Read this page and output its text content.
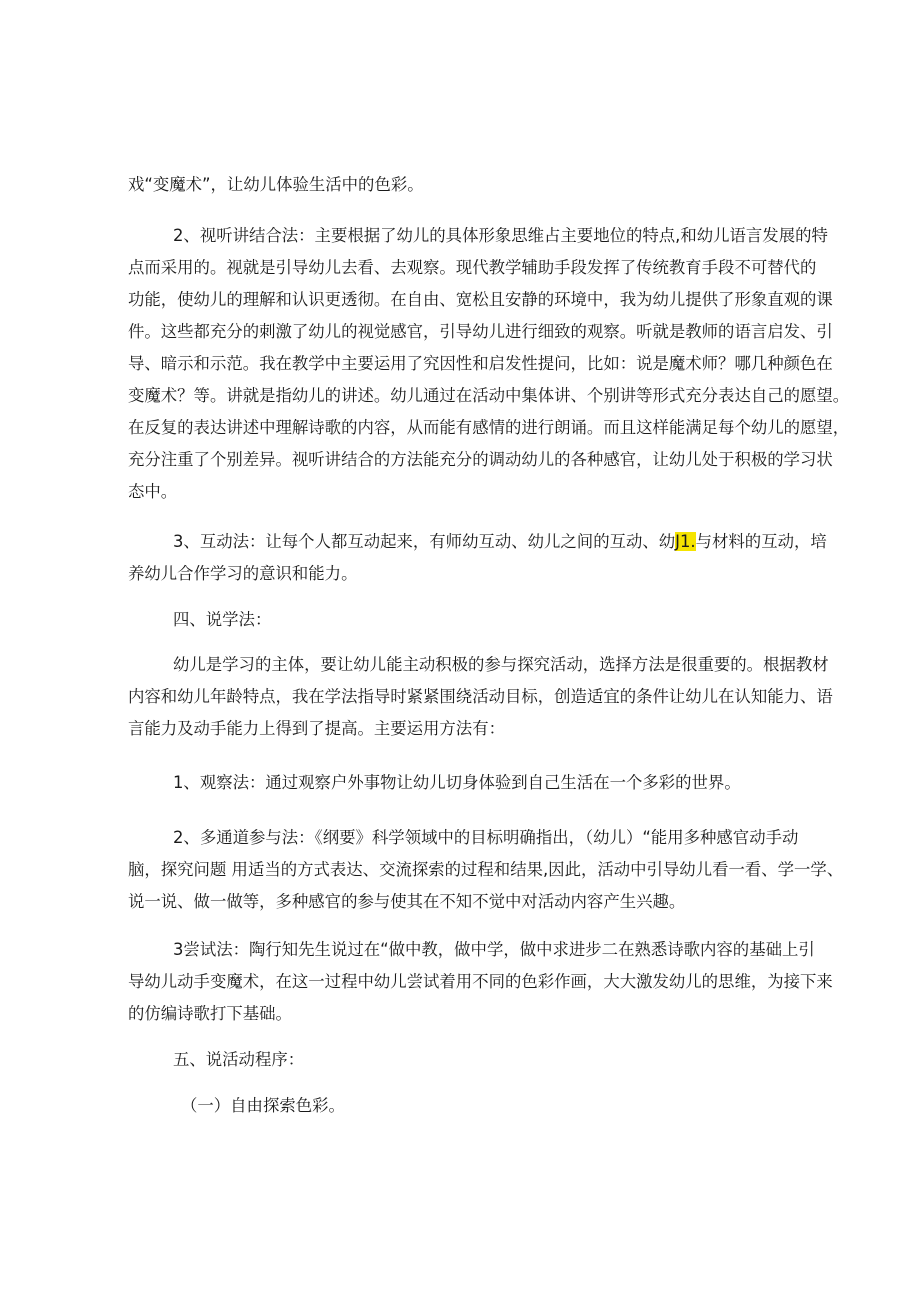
戏“变魔术”，让幼儿体验生活中的色彩。
2、视听讲结合法：主要根据了幼儿的具体形象思维占主要地位的特点,和幼儿语言发展的特
点而采用的。视就是引导幼儿去看、去观察。现代教学辅助手段发挥了传统教育手段不可替代的
功能，使幼儿的理解和认识更透彻。在自由、宽松且安静的环境中，我为幼儿提供了形象直观的课
件。这些都充分的刺激了幼儿的视觉感官，引导幼儿进行细致的观察。听就是教师的语言启发、引
导、暗示和示范。我在教学中主要运用了究因性和启发性提问，比如：说是魔术师？哪几种颜色在
变魔术？等。讲就是指幼儿的讲述。幼儿通过在活动中集体讲、个别讲等形式充分表达自己的愿望。
在反复的表达讲述中理解诗歌的内容，从而能有感情的进行朗诵。而且这样能满足每个幼儿的愿望，
充分注重了个别差异。视听讲结合的方法能充分的调动幼儿的各种感官，让幼儿处于积极的学习状
态中。
3、互动法：让每个人都互动起来，有师幼互动、幼儿之间的互动、幼J1.与材料的互动，培
养幼儿合作学习的意识和能力。
四、说学法：
幼儿是学习的主体，要让幼儿能主动积极的参与探究活动，选择方法是很重要的。根据教材
内容和幼儿年龄特点，我在学法指导时紧紧围绕活动目标，创造适宜的条件让幼儿在认知能力、语
言能力及动手能力上得到了提高。主要运用方法有：
1、观察法：通过观察户外事物让幼儿切身体验到自己生活在一个多彩的世界。
2、多通道参与法：《纲要》科学领域中的目标明确指出，（幼儿）“能用多种感官动手动
脑，探究问题 用适当的方式表达、交流探索的过程和结果,因此，活动中引导幼儿看一看、学一学、
说一说、做一做等，多种感官的参与使其在不知不觉中对活动内容产生兴趣。
3尝试法：陶行知先生说过在“做中教，做中学，做中求进步二在熟悉诗歌内容的基础上引
导幼儿动手变魔术，在这一过程中幼儿尝试着用不同的色彩作画，大大激发幼儿的思维，为接下来
的仿编诗歌打下基础。
五、说活动程序：
（一）自由探索色彩。
